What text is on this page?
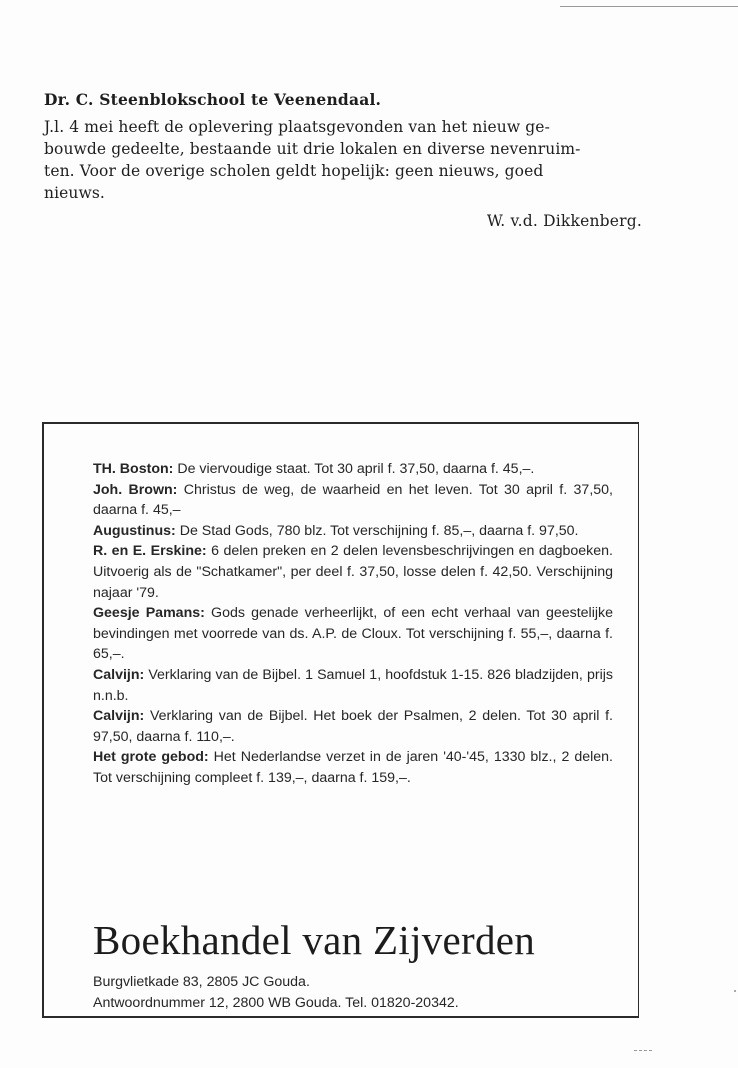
Dr. C. Steenblokschool te Veenendaal.

J.l. 4 mei heeft de oplevering plaatsgevonden van het nieuw ge-
bouwde gedeelte, bestaande uit drie lokalen en diverse nevenruim-
ten. Voor de overige scholen geldt hopelijk: geen nieuws, goed
nieuws.

W. v.d. Dikkenberg.

TH. Boston: De viervoudige staat. Tot 30 april f. 37,50, daarna f. 45,–.

Joh. Brown: Christus de weg, de waarheid en het leven. Tot 30 april f. 37,50, daarna f. 45,–

Augustinus: De Stad Gods, 780 blz. Tot verschijning f. 85,–, daarna f. 97,50.

R. en E. Erskine: 6 delen preken en 2 delen levensbeschrijvingen en dagboeken. Uitvoerig als de "Schatkamer", per deel f. 37,50, losse delen f. 42,50. Verschijning najaar '79.

Geesje Pamans: Gods genade verheerlijkt, of een echt verhaal van geestelijke bevindingen met voorrede van ds. A.P. de Cloux. Tot verschijning f. 55,–, daarna f. 65,–.

Calvijn: Verklaring van de Bijbel. 1 Samuel 1, hoofdstuk 1-15. 826 bladzijden, prijs n.n.b.

Calvijn: Verklaring van de Bijbel. Het boek der Psalmen, 2 delen. Tot 30 april f. 97,50, daarna f. 110,–.

Het grote gebod: Het Nederlandse verzet in de jaren '40-'45, 1330 blz., 2 delen. Tot verschijning compleet f. 139,–, daarna f. 159,–.

Boekhandel van Zijverden

Burgvlietkade 83, 2805 JC Gouda.
Antwoordnummer 12, 2800 WB Gouda. Tel. 01820-20342.
